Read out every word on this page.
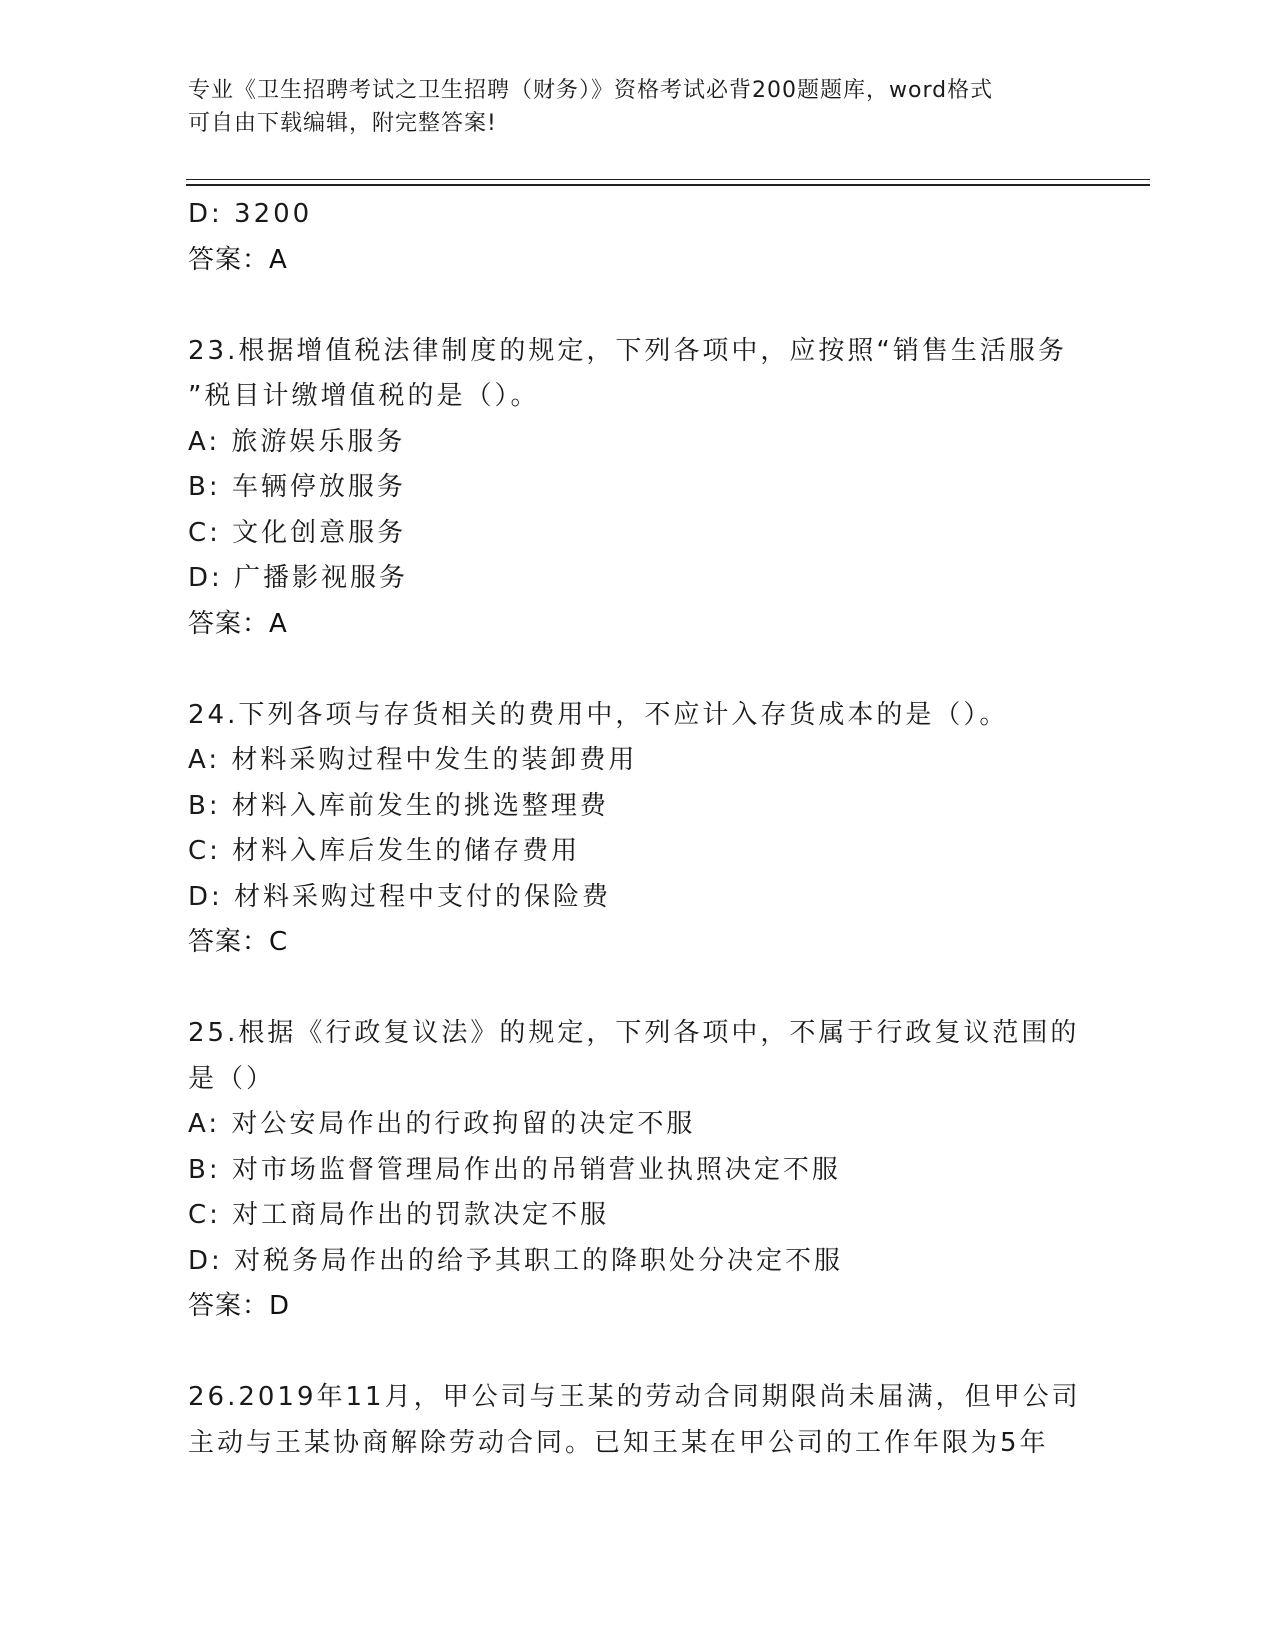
专业《卫生招聘考试之卫生招聘（财务）》资格考试必背200题题库，word格式

可自由下载编辑，附完整答案!

D: 3200
答案：A
23.根据增值税法律制度的规定，下列各项中，应按照“销售生活服务
”税目计缴增值税的是（）。
A: 旅游娱乐服务
B: 车辆停放服务
C: 文化创意服务
D: 广播影视服务
答案：A
24.下列各项与存货相关的费用中，不应计入存货成本的是（）。
A: 材料采购过程中发生的装卸费用
B: 材料入库前发生的挑选整理费
C: 材料入库后发生的储存费用
D: 材料采购过程中支付的保险费
答案：C
25.根据《行政复议法》的规定，下列各项中，不属于行政复议范围的
是（）
A: 对公安局作出的行政拘留的决定不服
B: 对市场监督管理局作出的吊销营业执照决定不服
C: 对工商局作出的罚款决定不服
D: 对税务局作出的给予其职工的降职处分决定不服
答案：D
26.2019年11月，甲公司与王某的劳动合同期限尚未届满，但甲公司
主动与王某协商解除劳动合同。已知王某在甲公司的工作年限为5年
